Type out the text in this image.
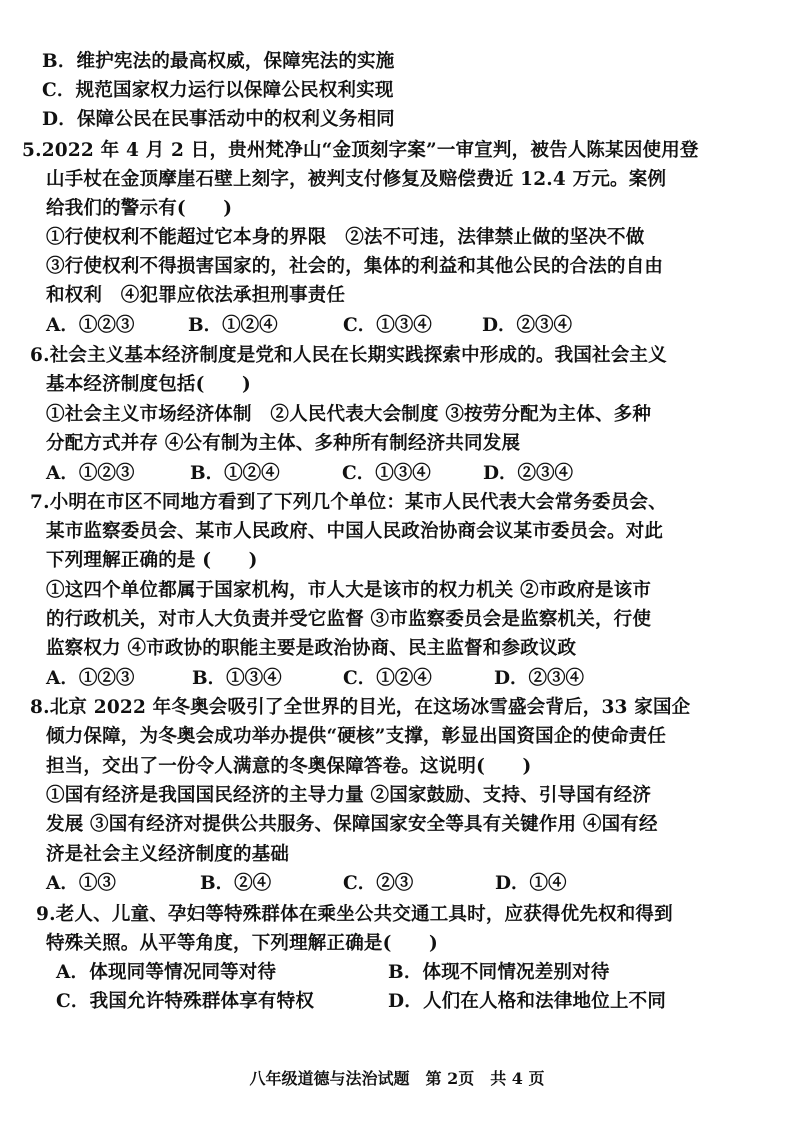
B．维护宪法的最高权威，保障宪法的实施
C．规范国家权力运行以保障公民权利实现
D．保障公民在民事活动中的权利义务相同
5.2022 年 4 月 2 日，贵州梵净山“金顶刻字案”一审宣判，被告人陈某因使用登
山手杖在金顶摩崖石壁上刻字，被判支付修复及赔偿费近 12.4 万元。案例
给我们的警示有(　　)
①行使权利不能超过它本身的界限　②法不可违，法律禁止做的坚决不做
③行使权利不得损害国家的，社会的，集体的利益和其他公民的合法的自由
和权利　④犯罪应依法承担刑事责任
A．①②③	B．①②④	C．①③④	D．②③④
6.社会主义基本经济制度是党和人民在长期实践探索中形成的。我国社会主义
基本经济制度包括(　　)
①社会主义市场经济体制　②人民代表大会制度 ③按劳分配为主体、多种
分配方式并存 ④公有制为主体、多种所有制经济共同发展
A．①②③	B．①②④	C．①③④	D．②③④
7.小明在市区不同地方看到了下列几个单位：某市人民代表大会常务委员会、
某市监察委员会、某市人民政府、中国人民政治协商会议某市委员会。对此
下列理解正确的是 (　　)
①这四个单位都属于国家机构，市人大是该市的权力机关 ②市政府是该市
的行政机关，对市人大负责并受它监督 ③市监察委员会是监察机关，行使
监察权力 ④市政协的职能主要是政治协商、民主监督和参政议政
A．①②③	B．①③④	C．①②④	D．②③④
8.北京 2022 年冬奥会吸引了全世界的目光，在这场冰雪盛会背后，33 家国企
倾力保障，为冬奥会成功举办提供“硬核”支撑，彰显出国资国企的使命责任
担当，交出了一份令人满意的冬奥保障答卷。这说明(　　)
①国有经济是我国国民经济的主导力量 ②国家鼓励、支持、引导国有经济
发展 ③国有经济对提供公共服务、保障国家安全等具有关键作用 ④国有经
济是社会主义经济制度的基础
A．①③	B．②④	C．②③	D．①④
9.老人、儿童、孕妇等特殊群体在乘坐公共交通工具时，应获得优先权和得到
特殊关照。从平等角度，下列理解正确是(　　)
A．体现同等情况同等对待	B．体现不同情况差别对待
C．我国允许特殊群体享有特权	D．人们在人格和法律地位上不同
八年级道德与法治试题　第 2页　共 4 页
